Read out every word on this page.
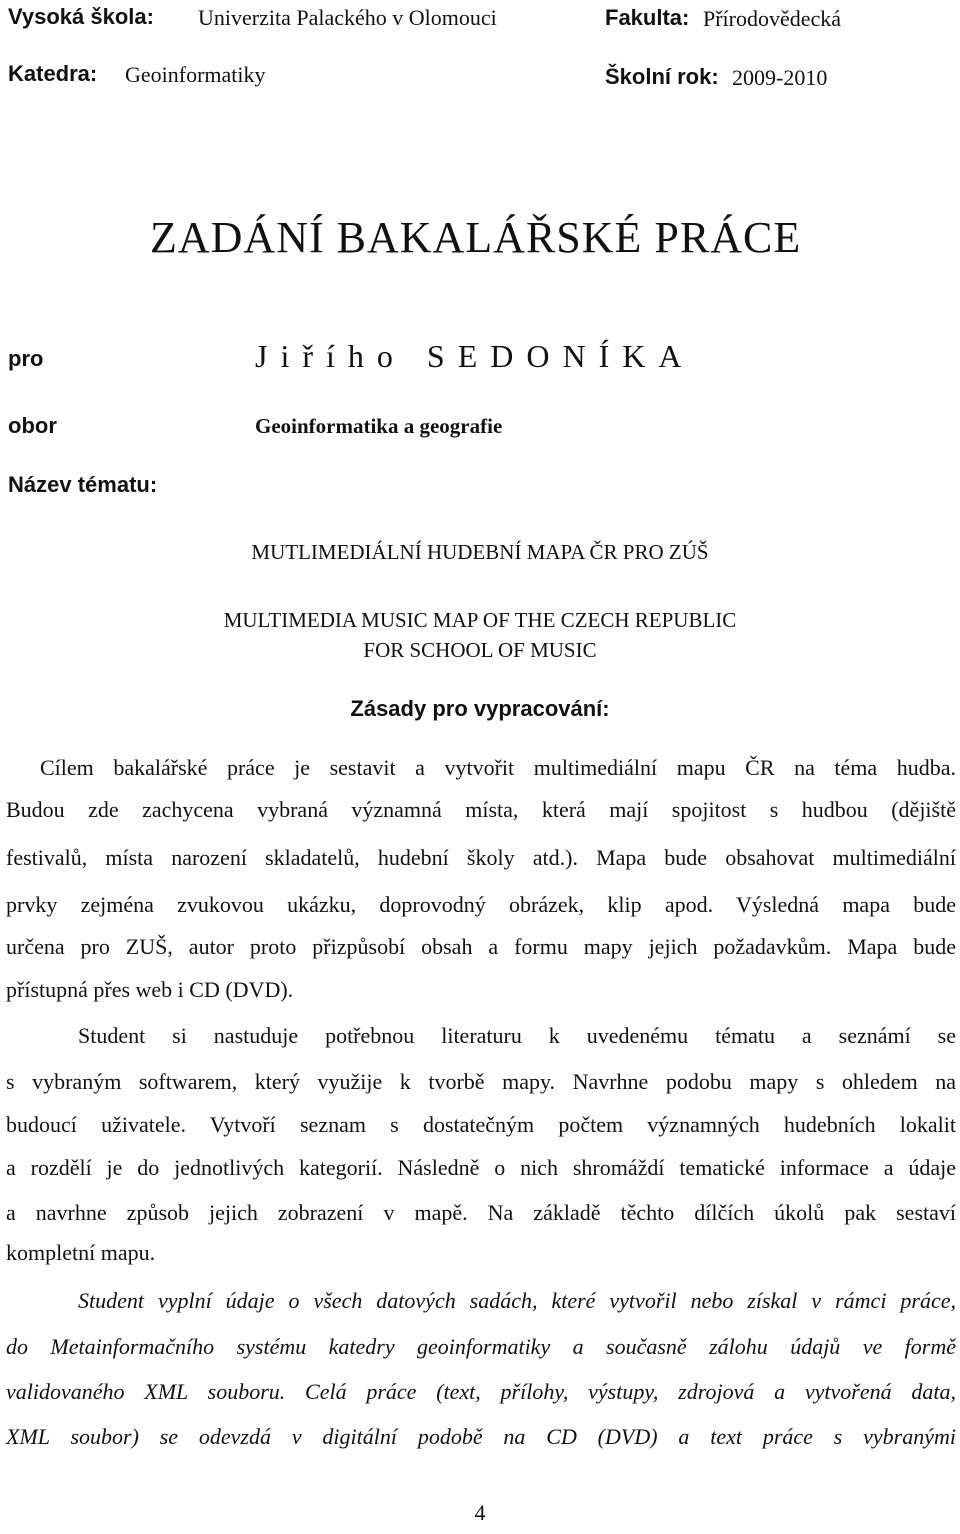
Vysoká škola: Univerzita Palackého v Olomouci	Fakulta: Přírodovědecká
Katedra: Geoinformatiky	Školní rok: 2009-2010
ZADÁNÍ BAKALÁŘSKÉ PRÁCE
pro	Jiřího SEDONÍKA
obor	Geoinformatika a geografie
Název tématu:
MUTLIMEDIÁLNÍ HUDEBNÍ MAPA ČR PRO ZÚŠ
MULTIMEDIA MUSIC MAP OF THE CZECH REPUBLIC
FOR SCHOOL OF MUSIC
Zásady pro vypracování:
Cílem bakalářské práce je sestavit a vytvořit multimediální mapu ČR na téma hudba.
Budou zde zachycena vybraná významná místa, která mají spojitost s hudbou (dějiště
festivalů, místa narození skladatelů, hudební školy atd.). Mapa bude obsahovat multimediální
prvky zejména zvukovou ukázku, doprovodný obrázek, klip apod. Výsledná mapa bude
určena pro ZUŠ, autor proto přizpůsobí obsah a formu mapy jejich požadavkům. Mapa bude
přístupná přes web i CD (DVD).
Student si nastuduje potřebnou literaturu k uvedenému tématu a seznámí se
s vybraným softwarem, který využije k tvorbě mapy. Navrhne podobu mapy s ohledem na
budoucí uživatele. Vytvoří seznam s dostatečným počtem významných hudebních lokalit
a rozdělí je do jednotlivých kategorií. Následně o nich shromáždí tematické informace a údaje
a navrhne způsob jejich zobrazení v mapě. Na základě těchto dílčích úkolů pak sestaví
kompletní mapu.
Student vyplní údaje o všech datových sadách, které vytvořil nebo získal v rámci práce,
do Metainformačního systému katedry geoinformatiky a současně zálohu údajů ve formě
validovaného XML souboru. Celá práce (text, přílohy, výstupy, zdrojová a vytvořená data,
XML soubor) se odevzdá v digitální podobě na CD (DVD) a text práce s vybranými
4
